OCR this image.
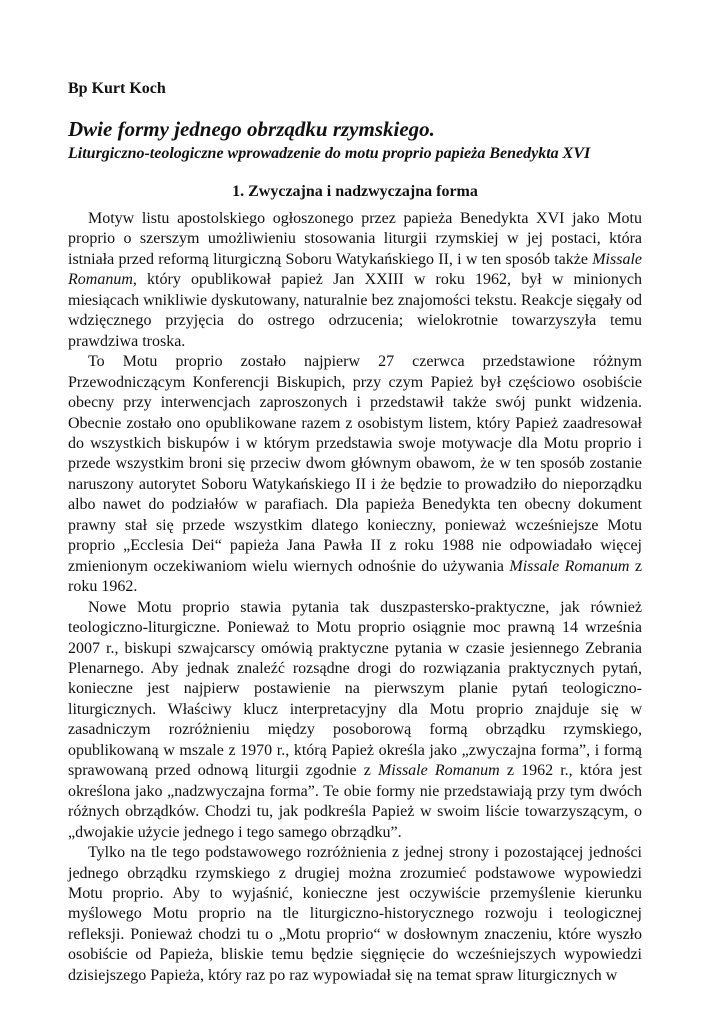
Bp Kurt Koch
Dwie formy jednego obrządku rzymskiego.
Liturgiczno-teologiczne wprowadzenie do motu proprio papieża Benedykta XVI
1. Zwyczajna i nadzwyczajna forma

Motyw listu apostolskiego ogłoszonego przez papieża Benedykta XVI jako Motu proprio o szerszym umożliwieniu stosowania liturgii rzymskiej w jej postaci, która istniała przed reformą liturgiczną Soboru Watykańskiego II, i w ten sposób także Missale Romanum, który opublikował papież Jan XXIII w roku 1962, był w minionych miesiącach wnikliwie dyskutowany, naturalnie bez znajomości tekstu. Reakcje sięgały od wdzięcznego przyjęcia do ostrego odrzucenia; wielokrotnie towarzyszyła temu prawdziwa troska.

To Motu proprio zostało najpierw 27 czerwca przedstawione różnym Przewodniczącym Konferencji Biskupich, przy czym Papież był częściowo osobiście obecny przy interwencjach zaproszonych i przedstawił także swój punkt widzenia. Obecnie zostało ono opublikowane razem z osobistym listem, który Papież zaadresował do wszystkich biskupów i w którym przedstawia swoje motywacje dla Motu proprio i przede wszystkim broni się przeciw dwom głównym obawom, że w ten sposób zostanie naruszony autorytet Soboru Watykańskiego II i że będzie to prowadziło do nieporządku albo nawet do podziałów w parafiach. Dla papieża Benedykta ten obecny dokument prawny stał się przede wszystkim dlatego konieczny, ponieważ wcześniejsze Motu proprio „Ecclesia Dei“ papieża Jana Pawła II z roku 1988 nie odpowiadało więcej zmienionym oczekiwaniom wielu wiernych odnośnie do używania Missale Romanum z roku 1962.

Nowe Motu proprio stawia pytania tak duszpastersko-praktyczne, jak również teologiczno-liturgiczne. Ponieważ to Motu proprio osiągnie moc prawną 14 września 2007 r., biskupi szwajcarscy omówią praktyczne pytania w czasie jesiennego Zebrania Plenarnego. Aby jednak znaleźć rozsądne drogi do rozwiązania praktycznych pytań, konieczne jest najpierw postawienie na pierwszym planie pytań teologiczno-liturgicznych. Właściwy klucz interpretacyjny dla Motu proprio znajduje się w zasadniczym rozróżnieniu między posoborową formą obrządku rzymskiego, opublikowaną w mszale z 1970 r., którą Papież określa jako „zwyczajna forma”, i formą sprawowaną przed odnową liturgii zgodnie z Missale Romanum z 1962 r., która jest określona jako „nadzwyczajna forma”. Te obie formy nie przedstawiają przy tym dwóch różnych obrządków. Chodzi tu, jak podkreśla Papież w swoim liście towarzyszącym, o „dwojakie użycie jednego i tego samego obrządku”.

Tylko na tle tego podstawowego rozróżnienia z jednej strony i pozostającej jedności jednego obrządku rzymskiego z drugiej można zrozumieć podstawowe wypowiedzi Motu proprio. Aby to wyjaśnić, konieczne jest oczywiście przemyślenie kierunku myślowego Motu proprio na tle liturgiczno-historycznego rozwoju i teologicznej refleksji. Ponieważ chodzi tu o „Motu proprio“ w dosłownym znaczeniu, które wyszło osobiście od Papieża, bliskie temu będzie sięgnięcie do wcześniejszych wypowiedzi dzisiejszego Papieża, który raz po raz wypowiadał się na temat spraw liturgicznych w
